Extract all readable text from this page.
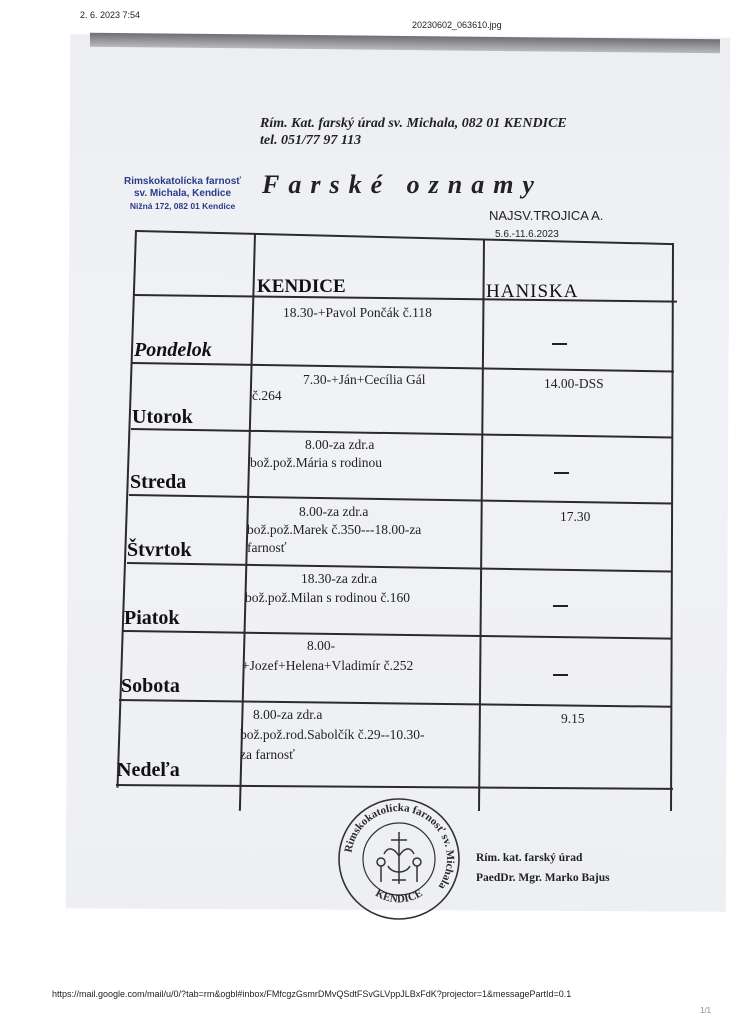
2. 6. 2023 7:54
20230602_063610.jpg
Rím. Kat. farský úrad sv. Michala, 082 01 KENDICE
tel. 051/77 97 113
Rimskokatolícka farnosť
sv. Michala, Kendice
Nižná 172, 082 01 Kendice
Farské oznamy
NAJSV.TROJICA A.
5.6.-11.6.2023
KENDICE	HANISKA
Pondelok
18.30-+Pavol Pončák č.118
Utorok
7.30-+Ján+Cecília Gál
č.264
14.00-DSS
Streda
8.00-za zdr.a
bož.pož.Mária s rodinou
Štvrtok
8.00-za zdr.a
bož.pož.Marek č.350---18.00-za
farnosť
17.30
Piatok
18.30-za zdr.a
bož.pož.Milan s rodinou č.160
Sobota
8.00-
+Jozef+Helena+Vladimír č.252
Nedeľa
8.00-za zdr.a
bož.pož.rod.Sabolčík č.29--10.30-
za farnosť
9.15
Rimskokatolícka farnosť sv. Michala
KENDICE
Rím. kat. farský úrad
PaedDr. Mgr. Marko Bajus
https://mail.google.com/mail/u/0/?tab=rm&ogbl#inbox/FMfcgzGsmrDMvQSdtFSvGLVppJLBxFdK?projector=1&messagePartId=0.1
1/1
